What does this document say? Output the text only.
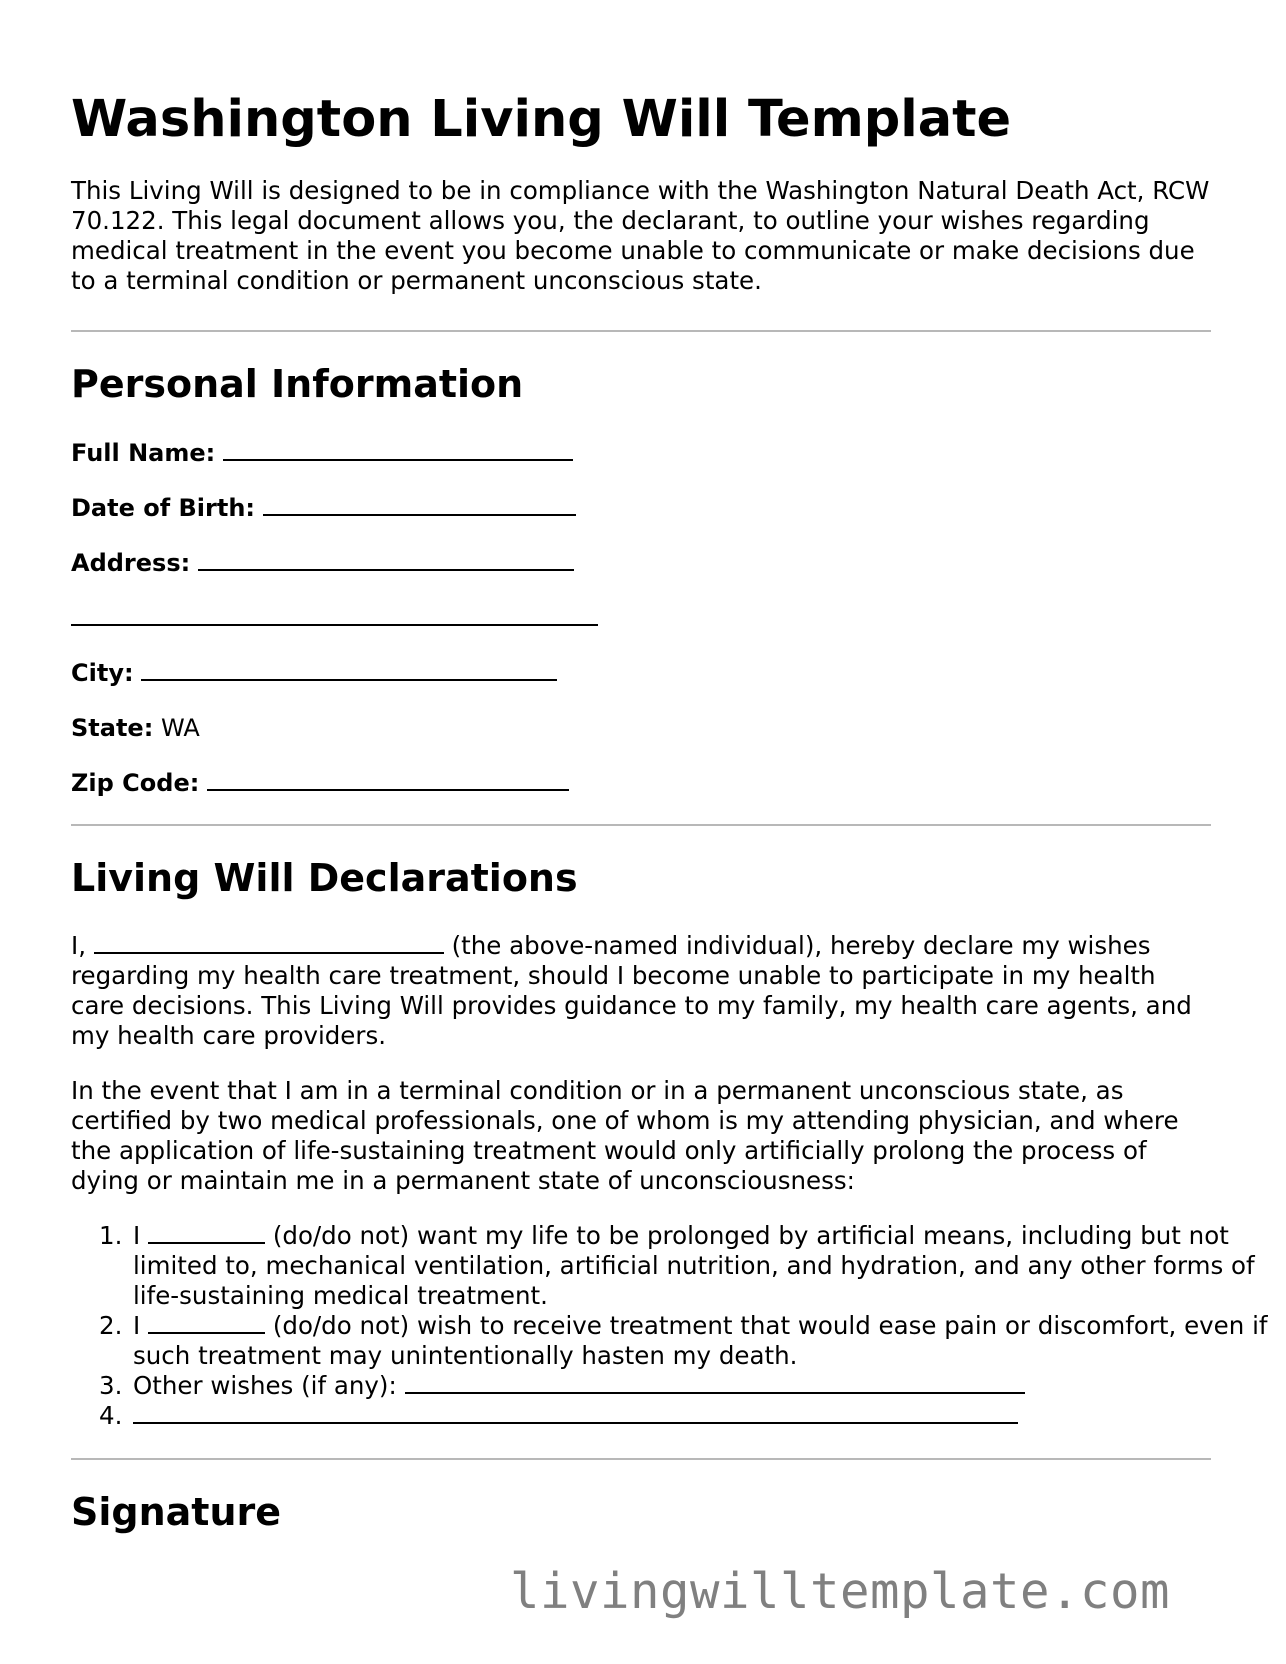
Washington Living Will Template

This Living Will is designed to be in compliance with the Washington Natural Death Act, RCW 70.122. This legal document allows you, the declarant, to outline your wishes regarding medical treatment in the event you become unable to communicate or make decisions due to a terminal condition or permanent unconscious state.

Personal Information
Full Name:
Date of Birth:
Address:
City:
State: WA
Zip Code:
Living Will Declarations

I,	(the above-named individual), hereby declare my wishes regarding my health care treatment, should I become unable to participate in my health care decisions. This Living Will provides guidance to my family, my health care agents, and my health care providers.

In the event that I am in a terminal condition or in a permanent unconscious state, as certified by two medical professionals, one of whom is my attending physician, and where the application of life-sustaining treatment would only artificially prolong the process of dying or maintain me in a permanent state of unconsciousness:

1. I	(do/do not) want my life to be prolonged by artificial means, including but not limited to, mechanical ventilation, artificial nutrition, and hydration, and any other forms of life-sustaining medical treatment.
2. I	(do/do not) wish to receive treatment that would ease pain or discomfort, even if such treatment may unintentionally hasten my death.
3. Other wishes (if any):
4.
Signature
livingwilltemplate.com
